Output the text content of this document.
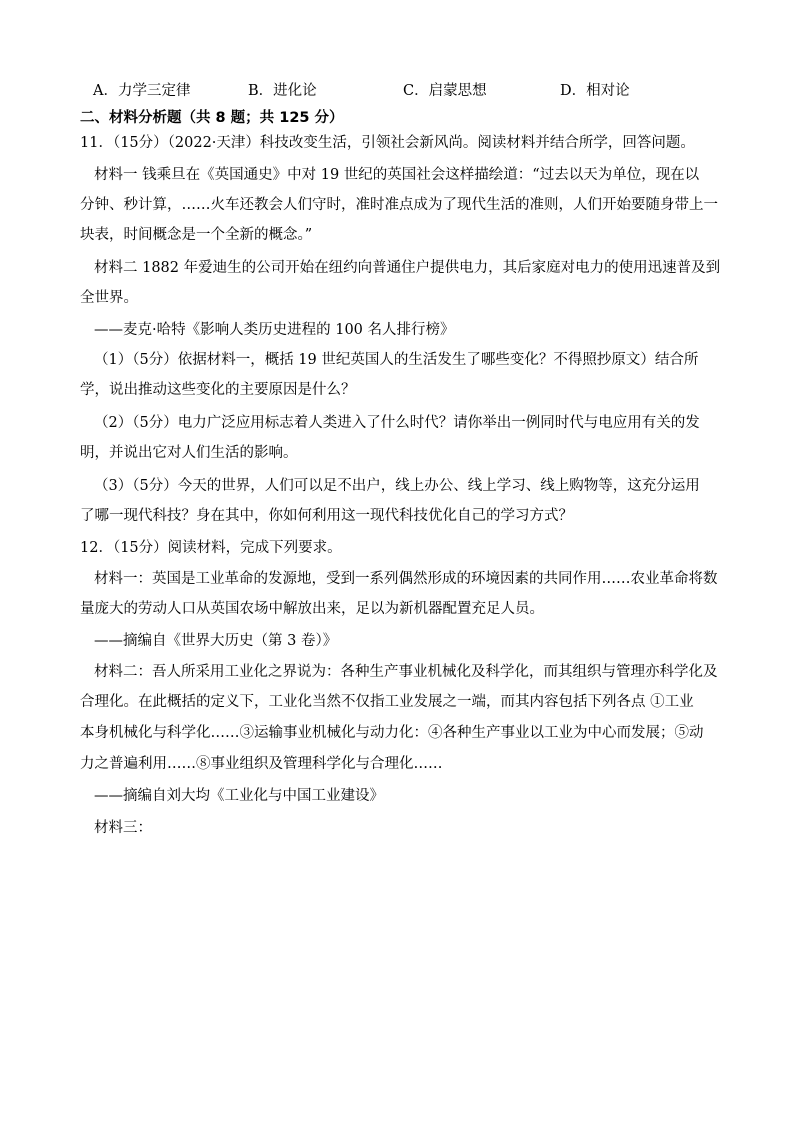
A．力学三定律	B．进化论	C．启蒙思想	D．相对论
二、材料分析题（共 8 题；共 125 分）
11．（15分）（2022·天津）科技改变生活，引领社会新风尚。阅读材料并结合所学，回答问题。
材料一 钱乘旦在《英国通史》中对 19 世纪的英国社会这样描绘道：“过去以天为单位，现在以
分钟、秒计算，……火车还教会人们守时，准时准点成为了现代生活的准则，人们开始要随身带上一
块表，时间概念是一个全新的概念。”
材料二 1882 年爱迪生的公司开始在纽约向普通住户提供电力，其后家庭对电力的使用迅速普及到
全世界。
——麦克·哈特《影响人类历史进程的 100 名人排行榜》
（1）（5分）依据材料一，概括 19 世纪英国人的生活发生了哪些变化？不得照抄原文）结合所
学，说出推动这些变化的主要原因是什么？
（2）（5分）电力广泛应用标志着人类进入了什么时代？请你举出一例同时代与电应用有关的发
明，并说出它对人们生活的影响。
（3）（5分）今天的世界，人们可以足不出户，线上办公、线上学习、线上购物等，这充分运用
了哪一现代科技？身在其中，你如何利用这一现代科技优化自己的学习方式？
12．（15分）阅读材料，完成下列要求。
材料一：英国是工业革命的发源地，受到一系列偶然形成的环境因素的共同作用……农业革命将数
量庞大的劳动人口从英国农场中解放出来，足以为新机器配置充足人员。
——摘编自《世界大历史（第 3 卷）》
材料二：吾人所采用工业化之界说为：各种生产事业机械化及科学化，而其组织与管理亦科学化及
合理化。在此概括的定义下，工业化当然不仅指工业发展之一端，而其内容包括下列各点 ①工业
本身机械化与科学化……③运输事业机械化与动力化：④各种生产事业以工业为中心而发展；⑤动
力之普遍利用……⑧事业组织及管理科学化与合理化……
——摘编自刘大均《工业化与中国工业建设》
材料三：
